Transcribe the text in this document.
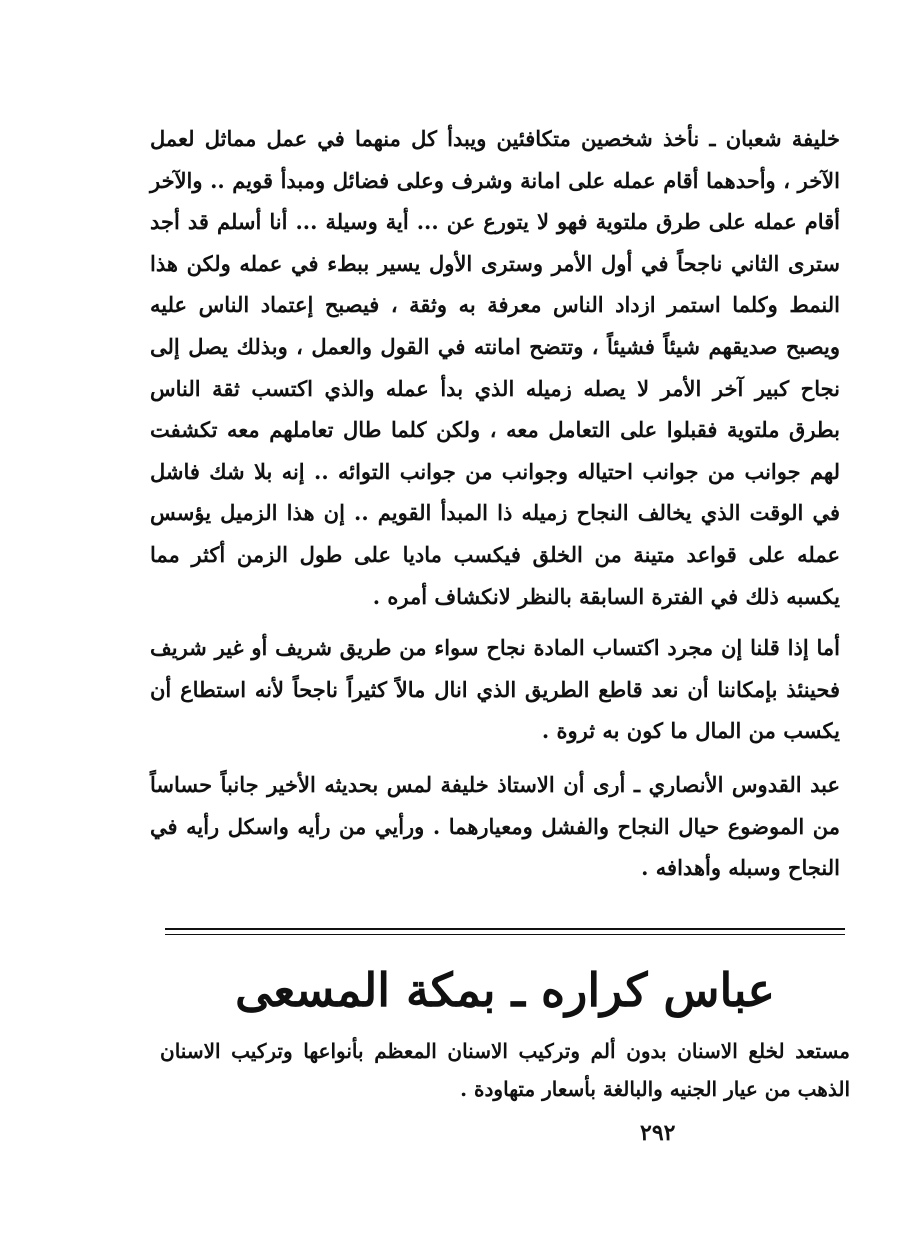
خليفة شعبان ـ نأخذ شخصين متكافئين ويبدأ كل منهما في عمل مماثل لعمل الآخر ، وأحدهما أقام عمله على امانة وشرف وعلى فضائل ومبدأ قويم .. والآخر أقام عمله على طرق ملتوية فهو لا يتورع عن ... أية وسيلة ... أنا أسلم قد أجد سترى الثاني ناجحاً في أول الأمر وسترى الأول يسير ببطء في عمله ولكن هذا النمط وكلما استمر ازداد الناس معرفة به وثقة ، فيصبح إعتماد الناس عليه ويصبح صديقهم شيئاً فشيئاً ، وتتضح امانته في القول والعمل ، وبذلك يصل إلى نجاح كبير آخر الأمر لا يصله زميله الذي بدأ عمله والذي اكتسب ثقة الناس بطرق ملتوية فقبلوا على التعامل معه ، ولكن كلما طال تعاملهم معه تكشفت لهم جوانب من جوانب احتياله وجوانب من جوانب التوائه .. إنه بلا شك فاشل في الوقت الذي يخالف النجاح زميله ذا المبدأ القويم .. إن هذا الزميل يؤسس عمله على قواعد متينة من الخلق فيكسب ماديا على طول الزمن أكثر مما يكسبه ذلك في الفترة السابقة بالنظر لانكشاف أمره .

أما إذا قلنا إن مجرد اكتساب المادة نجاح سواء من طريق شريف أو غير شريف فحينئذ بإمكاننا أن نعد قاطع الطريق الذي انال مالاً كثيراً ناجحاً لأنه استطاع أن يكسب من المال ما كون به ثروة .

عبد القدوس الأنصاري ـ أرى أن الاستاذ خليفة لمس بحديثه الأخير جانباً حساساً من الموضوع حيال النجاح والفشل ومعيارهما . ورأيي من رأيه واسكل رأيه في النجاح وسبله وأهدافه .

عباس كراره ـ بمكة المسعى

مستعد لخلع الاسنان بدون ألم وتركيب الاسنان المعظم بأنواعها وتركيب الاسنان الذهب من عيار الجنيه والبالغة بأسعار متهاودة .

٢٩٢
